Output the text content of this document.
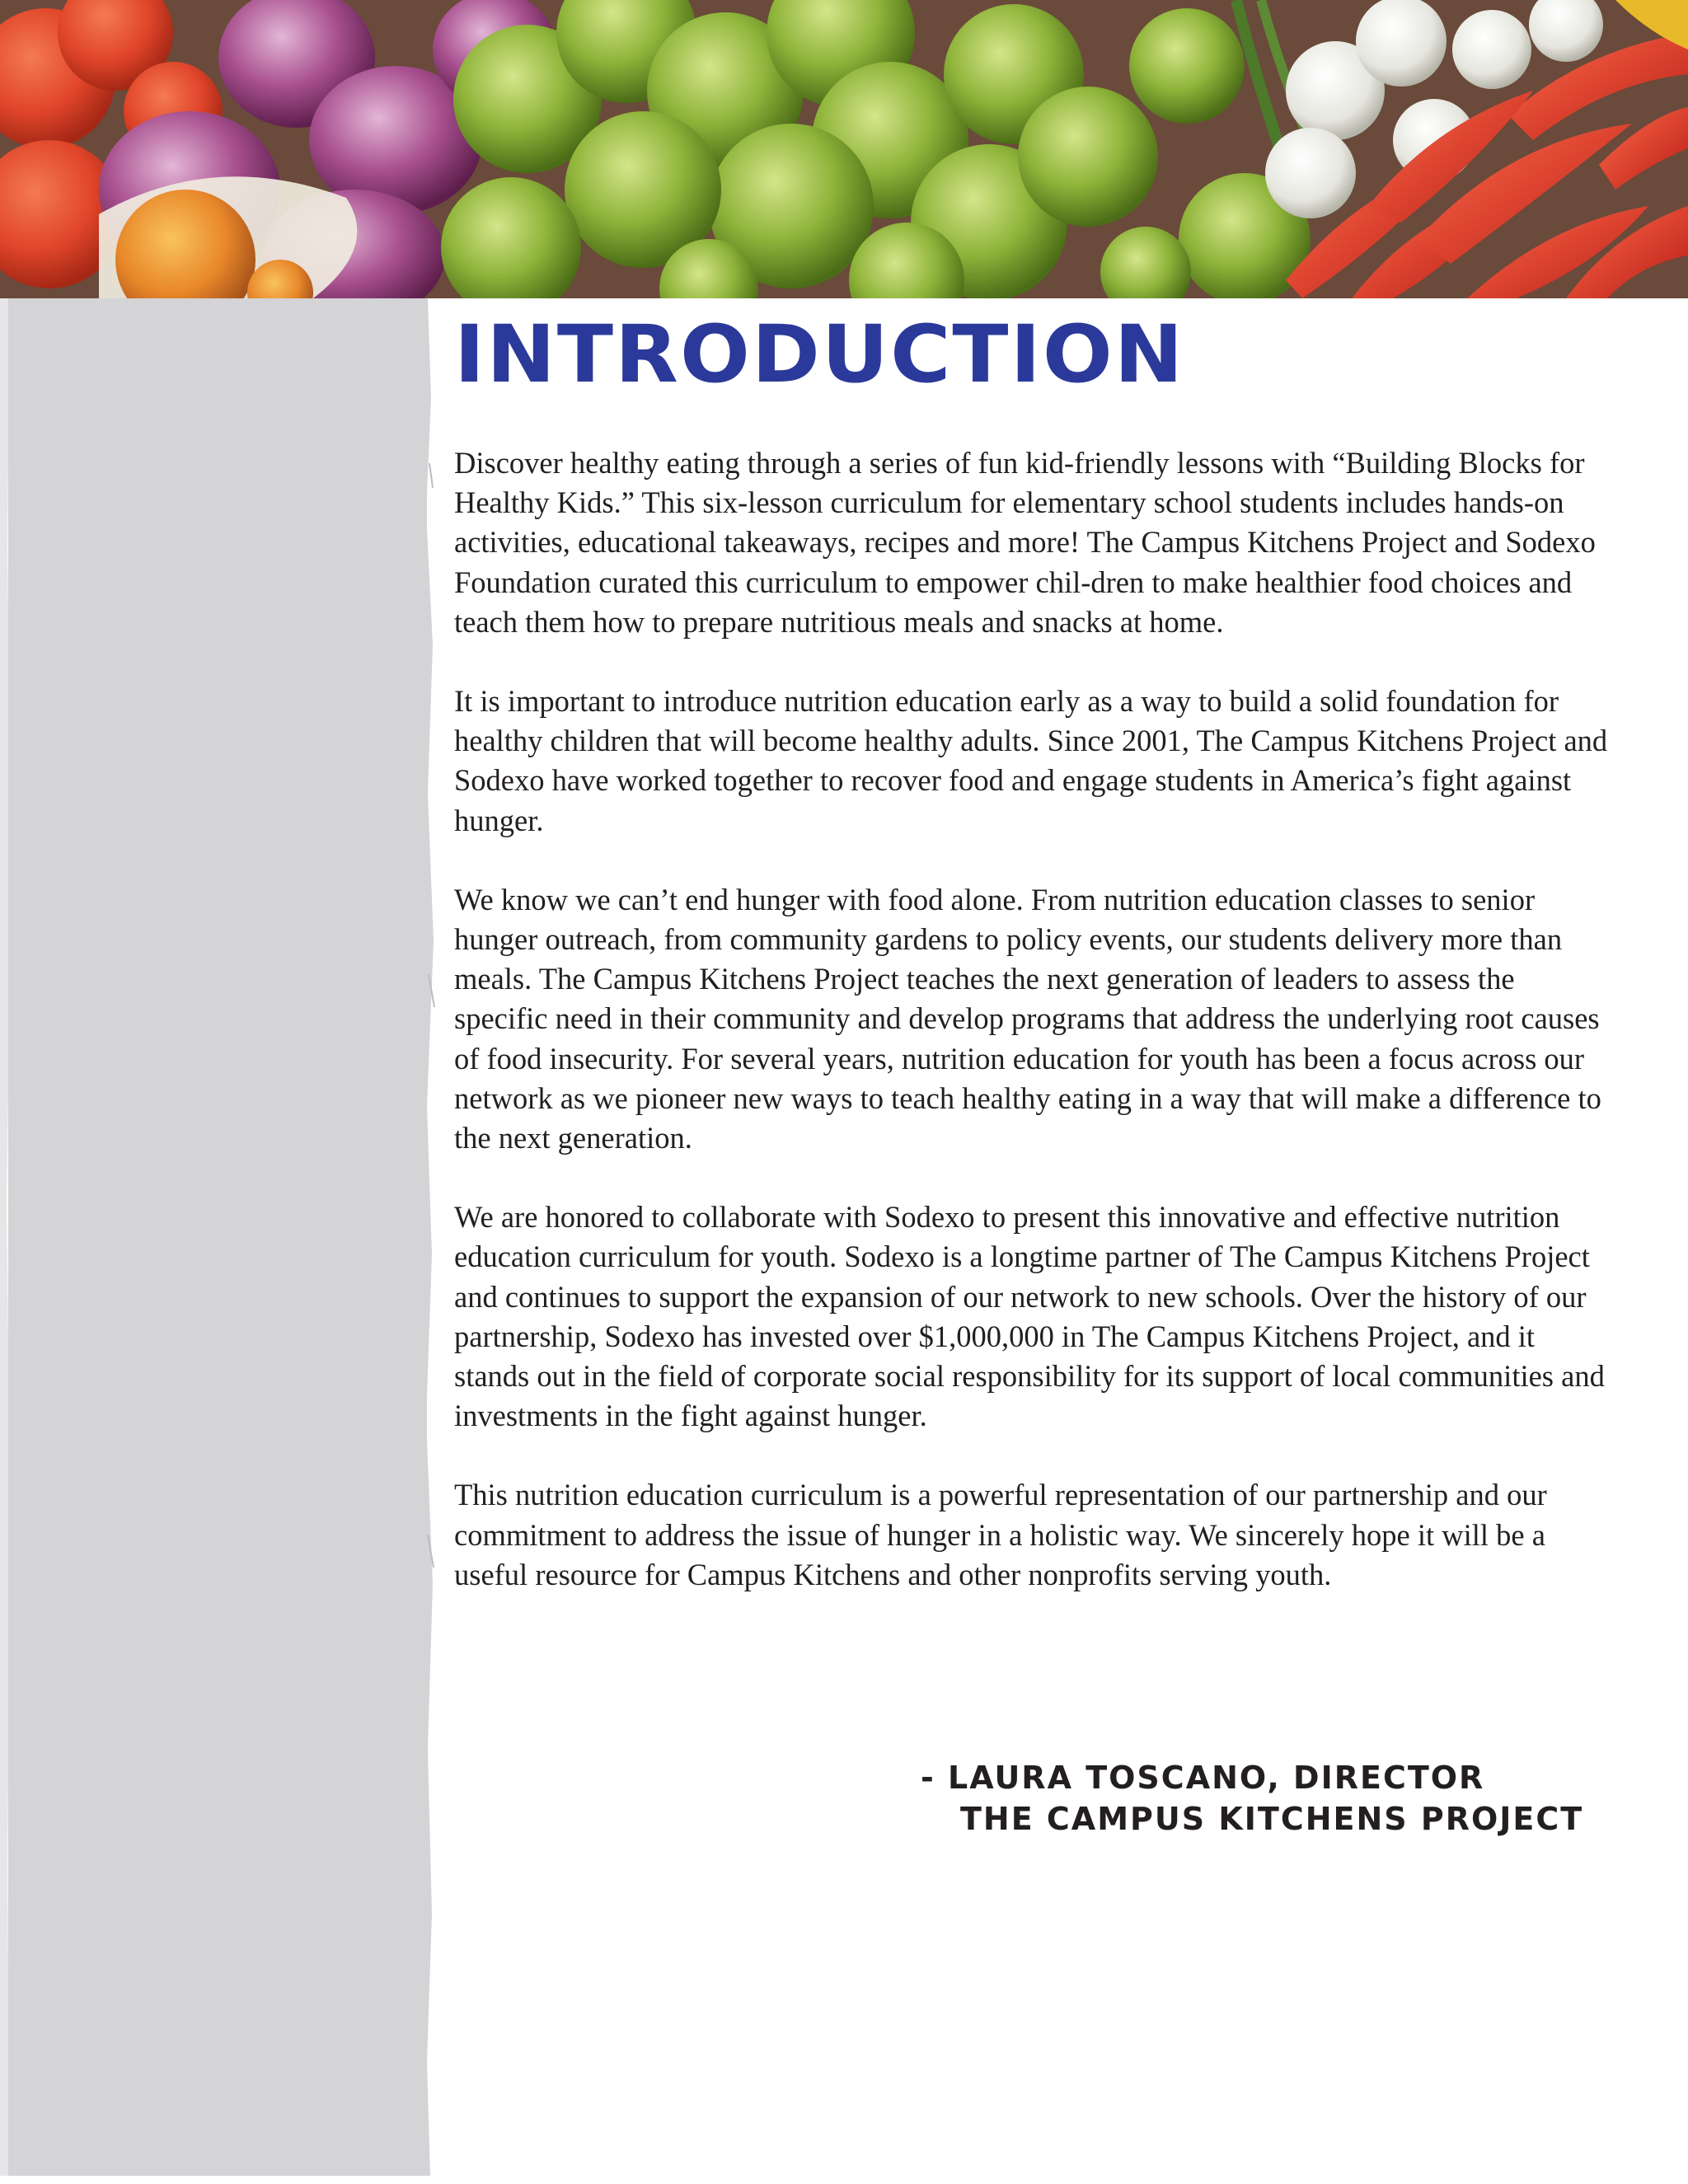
INTRODUCTION

Discover healthy eating through a series of fun kid-friendly lessons with “Building Blocks for Healthy Kids.” This six-lesson curriculum for elementary school students includes hands-on activities, educational takeaways, recipes and more! The Campus Kitchens Project and Sodexo Foundation curated this curriculum to empower chil-dren to make healthier food choices and teach them how to prepare nutritious meals and snacks at home.

It is important to introduce nutrition education early as a way to build a solid foundation for healthy children that will become healthy adults. Since 2001, The Campus Kitchens Project and Sodexo have worked together to recover food and engage students in America’s fight against hunger.

We know we can’t end hunger with food alone. From nutrition education classes to senior hunger outreach, from community gardens to policy events, our students delivery more than meals. The Campus Kitchens Project teaches the next generation of leaders to assess the specific need in their community and develop programs that address the underlying root causes of food insecurity. For several years, nutrition education for youth has been a focus across our network as we pioneer new ways to teach healthy eating in a way that will make a difference to the next generation.

We are honored to collaborate with Sodexo to present this innovative and effective nutrition education curriculum for youth. Sodexo is a longtime partner of The Campus Kitchens Project and continues to support the expansion of our network to new schools. Over the history of our partnership, Sodexo has invested over $1,000,000 in The Campus Kitchens Project, and it stands out in the field of corporate social responsibility for its support of local communities and investments in the fight against hunger.

This nutrition education curriculum is a powerful representation of our partnership and our commitment to address the issue of hunger in a holistic way. We sincerely hope it will be a useful resource for Campus Kitchens and other nonprofits serving youth.

- LAURA TOSCANO, DIRECTOR
THE CAMPUS KITCHENS PROJECT
